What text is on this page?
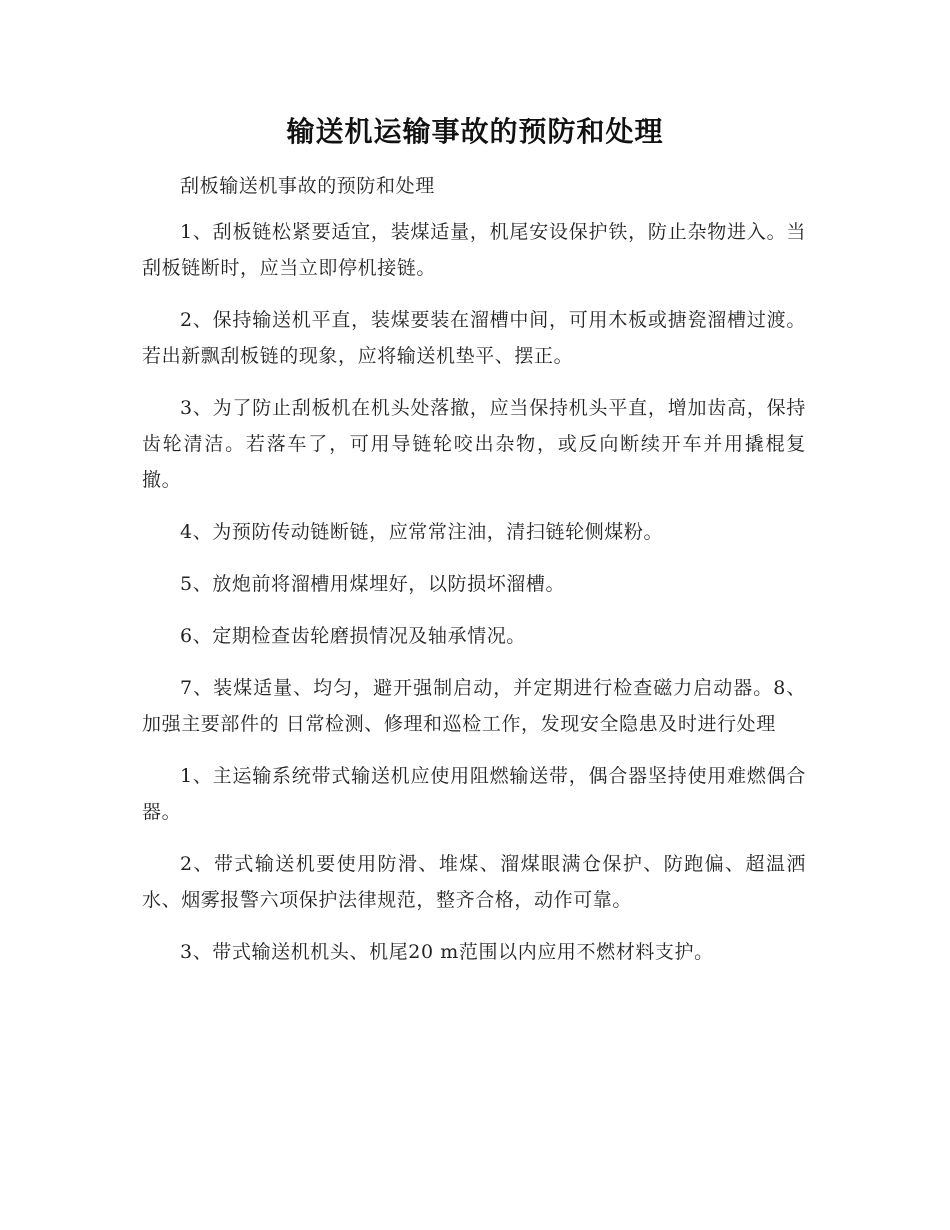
输送机运输事故的预防和处理

刮板输送机事故的预防和处理

1、刮板链松紧要适宜，装煤适量，机尾安设保护铁，防止杂物进入。当刮板链断时，应当立即停机接链。

2、保持输送机平直，装煤要装在溜槽中间，可用木板或搪瓷溜槽过渡。若出新飘刮板链的现象，应将输送机垫平、摆正。

3、为了防止刮板机在机头处落撤，应当保持机头平直，增加齿高，保持齿轮清洁。若落车了，可用导链轮咬出杂物，或反向断续开车并用撬棍复撤。

4、为预防传动链断链，应常常注油，清扫链轮侧煤粉。

5、放炮前将溜槽用煤埋好，以防损坏溜槽。

6、定期检查齿轮磨损情况及轴承情况。

7、装煤适量、均匀，避开强制启动，并定期进行检查磁力启动器。8、加强主要部件的 日常检测、修理和巡检工作，发现安全隐患及时进行处理

1、主运输系统带式输送机应使用阻燃输送带，偶合器坚持使用难燃偶合器。

2、带式输送机要使用防滑、堆煤、溜煤眼满仓保护、防跑偏、超温洒水、烟雾报警六项保护法律规范，整齐合格，动作可靠。

3、带式输送机机头、机尾20 m范围以内应用不燃材料支护。
